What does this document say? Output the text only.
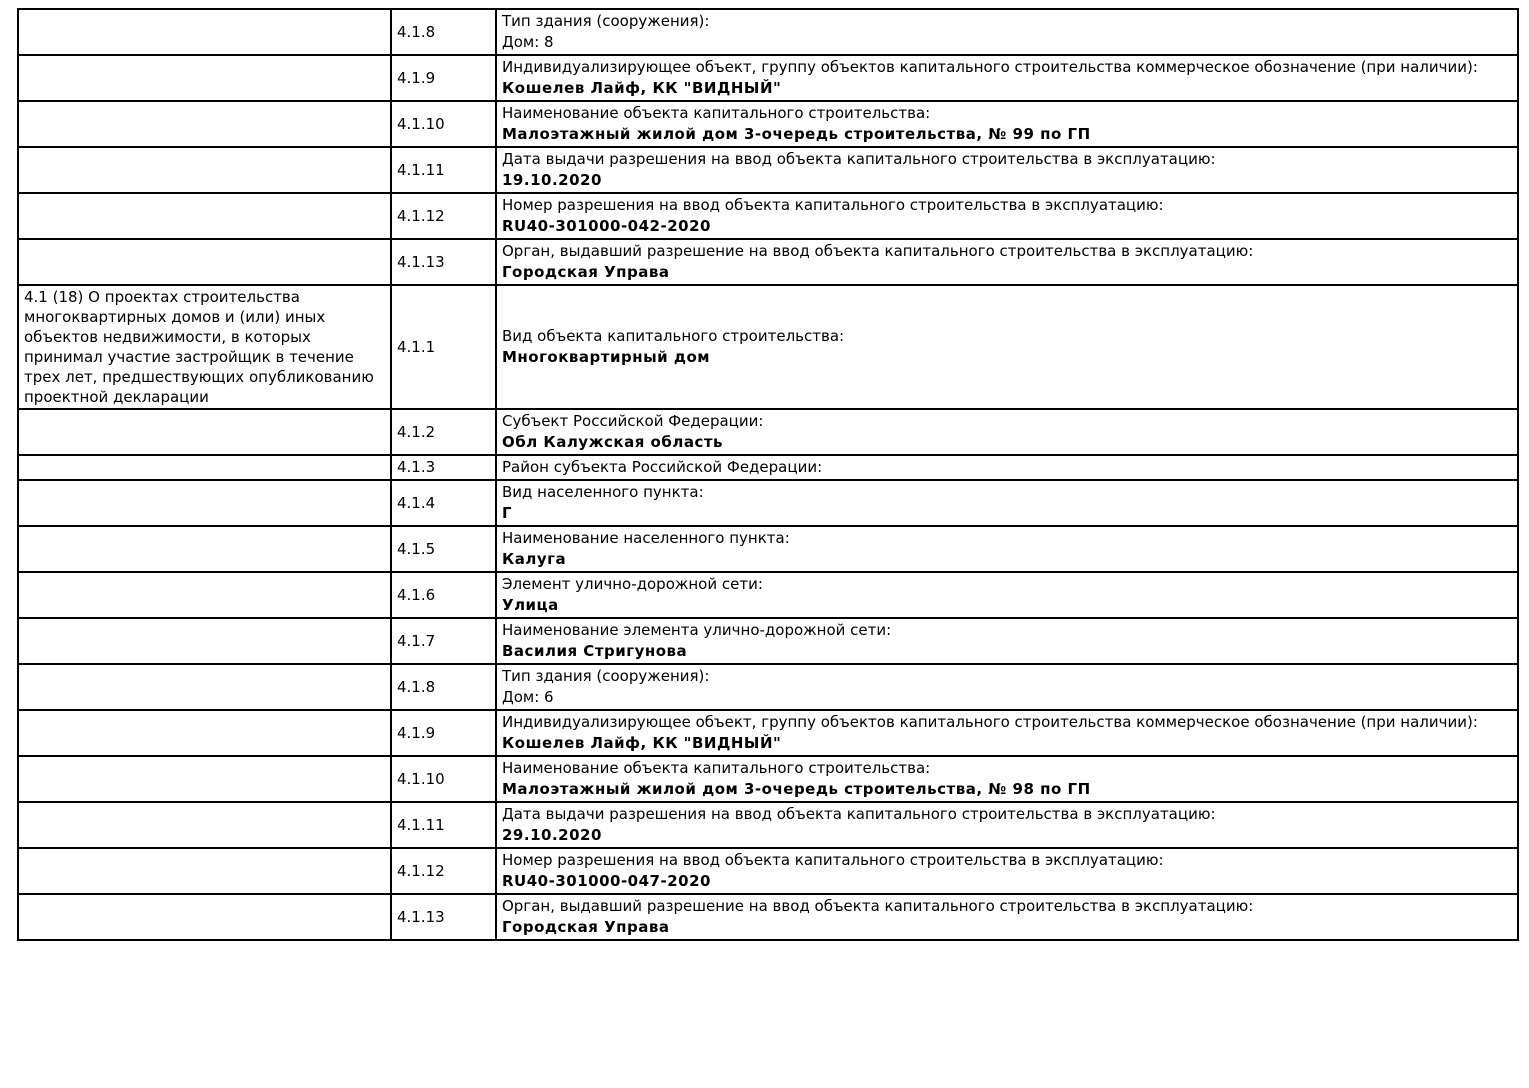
	4.1.8	Тип здания (сооружения):
Дом: 8

	4.1.9	Индивидуализирующее объект, группу объектов капитального строительства коммерческое обозначение (при наличии):
Кошелев Лайф, КК "ВИДНЫЙ"

	4.1.10	Наименование объекта капитального строительства:
Малоэтажный жилой дом 3-очередь строительства, № 99 по ГП

	4.1.11	Дата выдачи разрешения на ввод объекта капитального строительства в эксплуатацию:
19.10.2020

	4.1.12	Номер разрешения на ввод объекта капитального строительства в эксплуатацию:
RU40-301000-042-2020

	4.1.13	Орган, выдавший разрешение на ввод объекта капитального строительства в эксплуатацию:
Городская Управа

4.1 (18) О проектах строительства многоквартирных домов и (или) иных объектов недвижимости, в которых принимал участие застройщик в течение трех лет, предшествующих опубликованию проектной декларации	4.1.1	Вид объекта капитального строительства:
Многоквартирный дом

	4.1.2	Субъект Российской Федерации:
Обл Калужская область

	4.1.3	Район субъекта Российской Федерации:

	4.1.4	Вид населенного пункта:
Г

	4.1.5	Наименование населенного пункта:
Калуга

	4.1.6	Элемент улично-дорожной сети:
Улица

	4.1.7	Наименование элемента улично-дорожной сети:
Василия Стригунова

	4.1.8	Тип здания (сооружения):
Дом: 6

	4.1.9	Индивидуализирующее объект, группу объектов капитального строительства коммерческое обозначение (при наличии):
Кошелев Лайф, КК "ВИДНЫЙ"

	4.1.10	Наименование объекта капитального строительства:
Малоэтажный жилой дом 3-очередь строительства, № 98 по ГП

	4.1.11	Дата выдачи разрешения на ввод объекта капитального строительства в эксплуатацию:
29.10.2020

	4.1.12	Номер разрешения на ввод объекта капитального строительства в эксплуатацию:
RU40-301000-047-2020

	4.1.13	Орган, выдавший разрешение на ввод объекта капитального строительства в эксплуатацию:
Городская Управа
